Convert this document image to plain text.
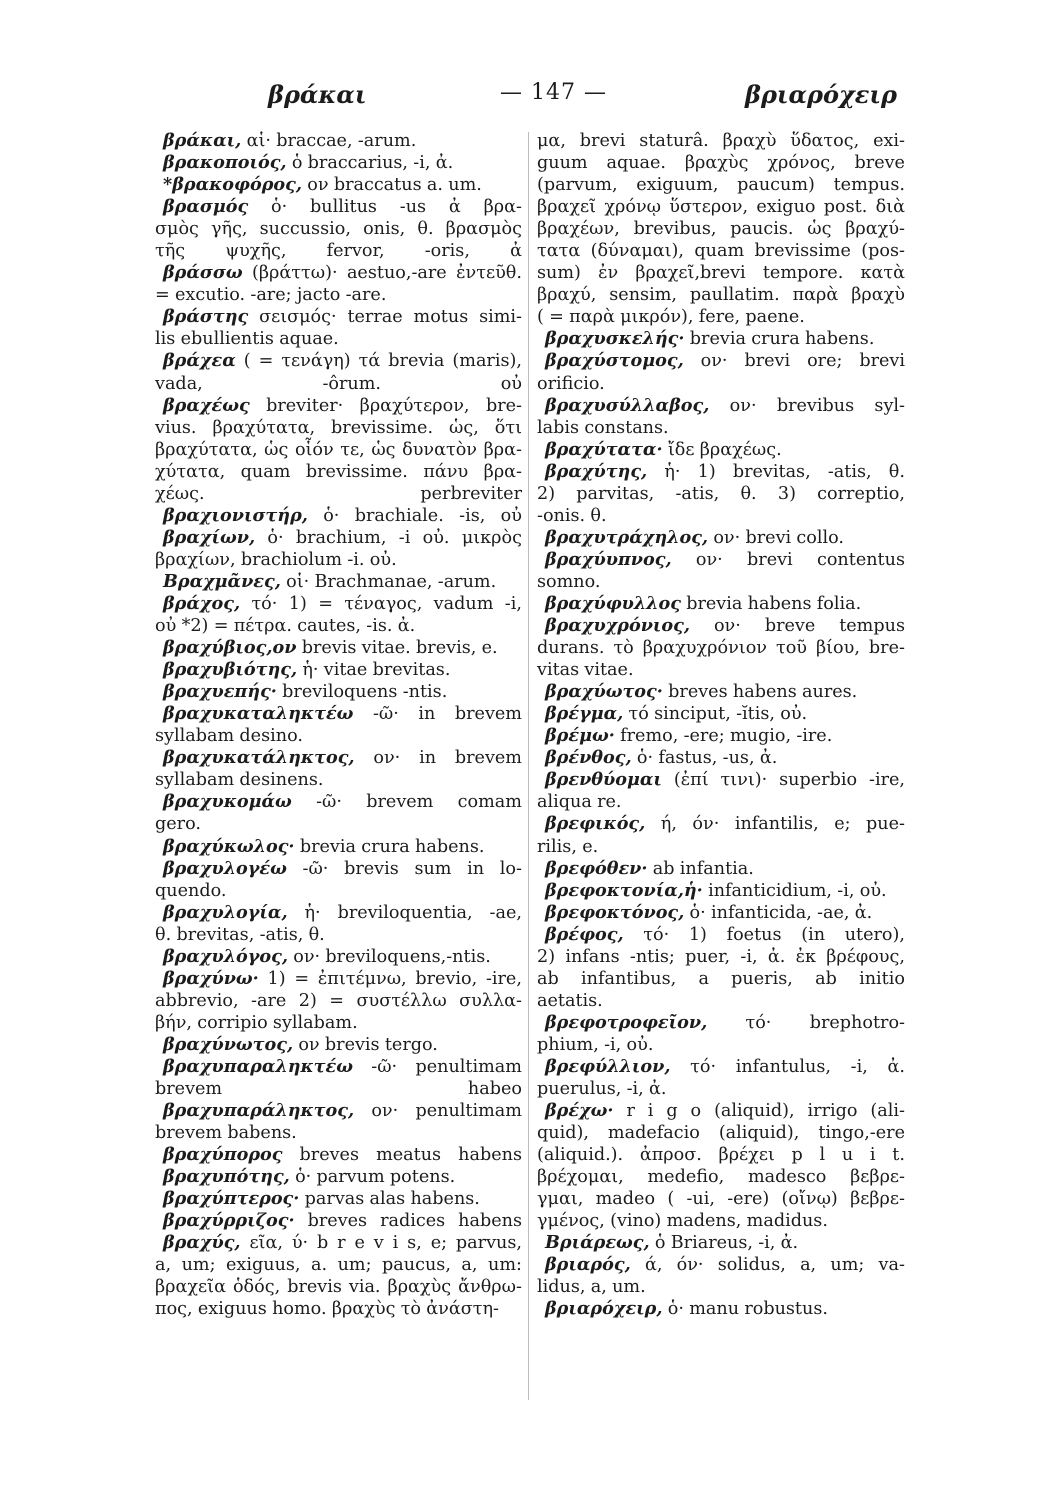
βράκαι	— 147 —	βριαρόχειρ
βράκαι, αἱ· braccae, -arum.
βρακοποιός, ὁ braccarius, -i, ἀ.
*βρακοφόρος, ον braccatus a. um.
βρασμός ὁ· bullitus -us ἀ βρα-
σμὸς γῆς, succussio, onis, θ. βρασμὸς
τῆς ψυχῆς, fervor, -oris, ἀ
βράσσω (βράττω)· aestuo,-are ἐντεῦθ.
= excutio. -are; jacto -are.
βράστης σεισμός· terrae motus simi-
lis ebullientis aquae.
βράχεα ( = τενάγη) τά brevia (maris),
vada,	-ôrum.	οὐ
βραχέως breviter· βραχύτερον, bre-
vius. βραχύτατα, brevissime. ὡς, ὅτι
βραχύτατα, ὡς οἷόν τε, ὡς δυνατὸν βρα-
χύτατα, quam brevissime. πάνυ βρα-
χέως.	perbreviter
βραχιονιστήρ, ὁ· brachiale. -is, οὐ
βραχίων, ὁ· brachium, -i οὐ. μικρὸς
βραχίων, brachiolum -i. οὐ.
Βραχμᾶνες, οἱ· Brachmanae, -arum.
βράχος, τό· 1) = τέναγος, vadum -i,
οὐ *2) = πέτρα. cautes, -is. ἀ.
βραχύβιος,ον brevis vitae. brevis, e.
βραχυβιότης, ἡ· vitae brevitas.
βραχυεπής· breviloquens -ntis.
βραχυκαταληκτέω -ῶ· in brevem
syllabam desino.
βραχυκατάληκτος, ον· in brevem
syllabam desinens.
βραχυκομάω -ῶ· brevem comam
gero.
βραχύκωλος· brevia crura habens.
βραχυλογέω -ῶ· brevis sum in lo-
quendo.
βραχυλογία, ἡ· breviloquentia, -ae,
θ. brevitas, -atis, θ.
βραχυλόγος, ον· breviloquens,-ntis.
βραχύνω· 1) = ἐπιτέμνω, brevio, -ire,
abbrevio, -are 2) = συστέλλω συλλα-
βήν, corripio syllabam.
βραχύνωτος, ον brevis tergo.
βραχυπαραληκτέω -ῶ· penultimam
brevem	habeo
βραχυπαράληκτος, ον· penultimam
brevem babens.
βραχύπορος breves meatus habens
βραχυπότης, ὁ· parvum potens.
βραχύπτερος· parvas alas habens.
βραχύρριζος· breves radices habens
βραχύς, εῖα, ύ· b r e v i s, e; parvus,
a, um; exiguus, a. um; paucus, a, um:
βραχεῖα ὁδός, brevis via. βραχὺς ἄνθρω-
πος, exiguus homo. βραχὺς τὸ ἀνάστη-
μα, brevi staturâ. βραχὺ ὕδατος, exi-
guum aquae. βραχὺς χρόνος, breve
(parvum, exiguum, paucum) tempus.
βραχεῖ χρόνῳ ὕστερον, exiguo post. διὰ
βραχέων, brevibus, paucis. ὡς βραχύ-
τατα (δύναμαι), quam brevissime (pos-
sum) ἐν βραχεῖ,brevi tempore. κατὰ
βραχύ, sensim, paullatim. παρὰ βραχὺ
( = παρὰ μικρόν), fere, paene.
βραχυσκελής· brevia crura habens.
βραχύστομος, ον· brevi ore; brevi
orificio.
βραχυσύλλαβος, ον· brevibus syl-
labis constans.
βραχύτατα· ἴδε βραχέως.
βραχύτης, ἡ· 1) brevitas, -atis, θ.
2) parvitas, -atis, θ. 3) correptio,
-onis. θ.
βραχυτράχηλος, ον· brevi collo.
βραχύυπνος, ον· brevi contentus
somno.
βραχύφυλλος brevia habens folia.
βραχυχρόνιος, ον· breve tempus
durans. τὸ βραχυχρόνιον τοῦ βίου, bre-
vitas vitae.
βραχύωτος· breves habens aures.
βρέγμα, τό sinciput, -ĭtis, οὐ.
βρέμω· fremo, -ere; mugio, -ire.
βρένθος, ὁ· fastus, -us, ἀ.
βρενθύομαι (ἐπί τινι)· superbio -ire,
aliqua re.
βρεφικός, ή, όν· infantilis, e; pue-
rilis, e.
βρεφόθεν· ab infantia.
βρεφοκτονία,ἡ· infanticidium, -i, οὐ.
βρεφοκτόνος, ὁ· infanticida, -ae, ἀ.
βρέφος, τό· 1) foetus (in utero),
2) infans -ntis; puer, -i, ἀ. ἐκ βρέφους,
ab infantibus, a pueris, ab initio
aetatis.
βρεφοτροφεῖον, τό· brephotro-
phium, -i, οὐ.
βρεφύλλιον, τό· infantulus, -i, ἀ.
puerulus, -i, ἀ.
βρέχω· r i g o (aliquid), irrigo (ali-
quid), madefacio (aliquid), tingo,-ere
(aliquid.). ἀπροσ. βρέχει p l u i t.
βρέχομαι, medefio, madesco βεβρε-
γμαι, madeo ( -ui, -ere) (οἴνῳ) βεβρε-
γμένος, (vino) madens, madidus.
Βριάρεως, ὁ Briareus, -i, ἀ.
βριαρός, ά, όν· solidus, a, um; va-
lidus, a, um.
βριαρόχειρ, ὁ· manu robustus.
